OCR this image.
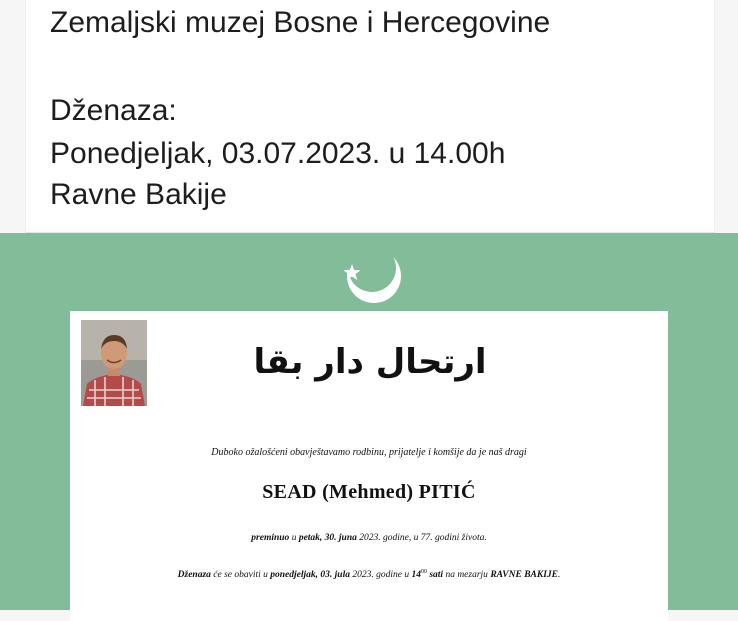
Zemaljski muzej Bosne i Hercegovine
Dženaza:
Ponedjeljak, 03.07.2023. u 14.00h
Ravne Bakije
ارتحال دار بقا
Duboko ožalošćeni obavještavamo rodbinu, prijatelje i komšije da je naš dragi
SEAD (Mehmed) PITIĆ
preminuo u petak, 30. juna 2023. godine, u 77. godini života.
Dženaza će se obaviti u ponedjeljak, 03. jula 2023. godine u $14^{00}$ sati na mezarju RAVNE BAKIJE.
